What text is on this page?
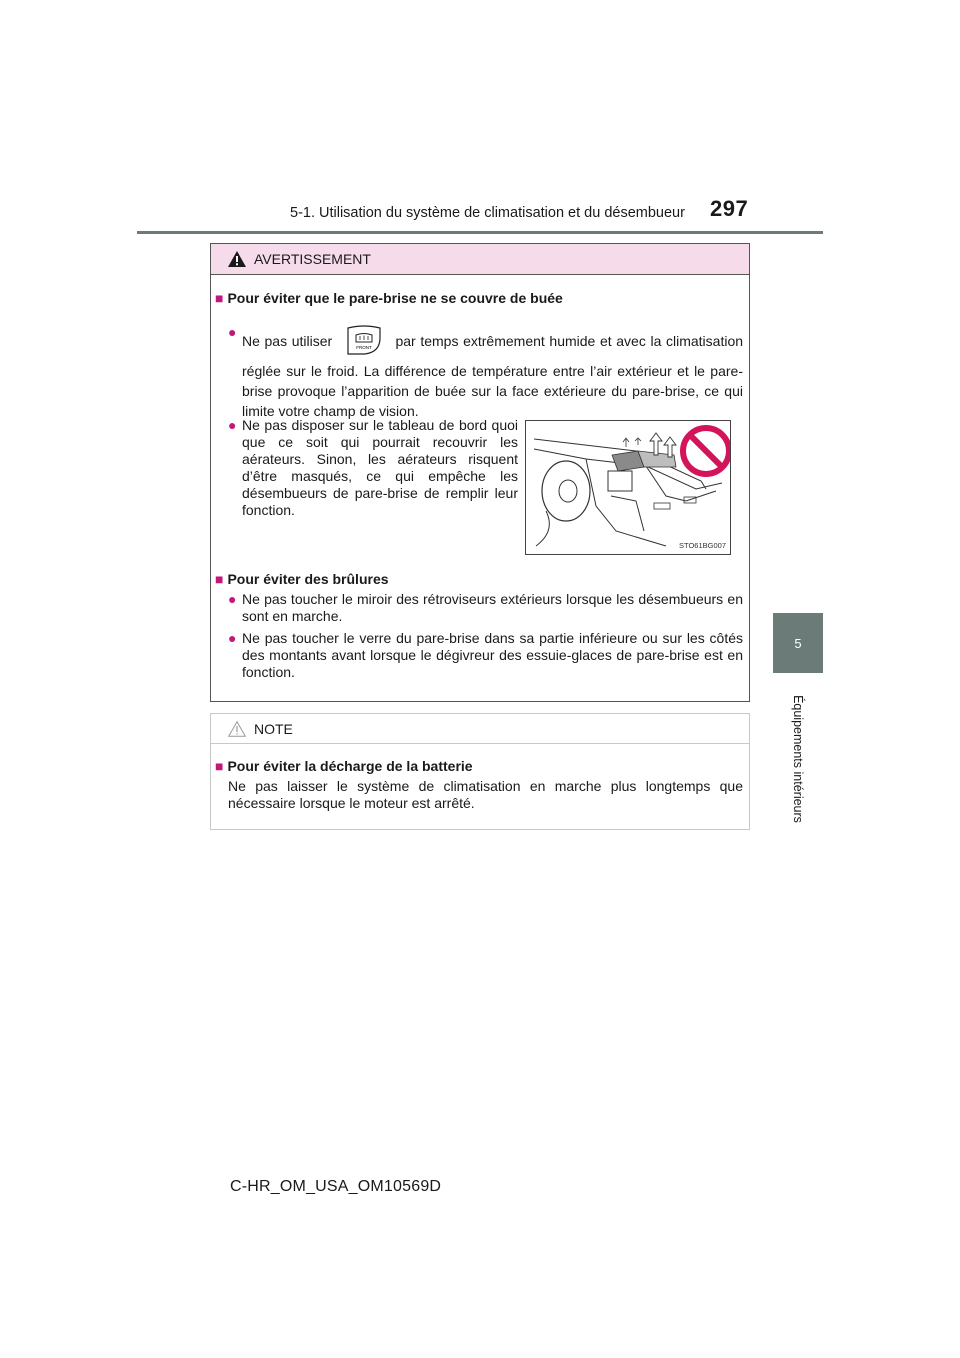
5-1. Utilisation du système de climatisation et du désembueur 297
5
Équipements intérieurs
AVERTISSEMENT
■ Pour éviter que le pare-brise ne se couvre de buée
●
Ne pas utiliser	FRONT par temps extrêmement humide et avec la climatisation réglée sur le froid. La différence de température entre l’air extérieur et le pare-brise provoque l’apparition de buée sur la face extérieure du pare-brise, ce qui limite votre champ de vision.
● Ne pas disposer sur le tableau de bord quoi que ce soit qui pourrait recouvrir les aérateurs. Sinon, les aérateurs risquent d’être masqués, ce qui empêche les désembueurs de pare-brise de remplir leur fonction.
STO61BG007
■ Pour éviter des brûlures
● Ne pas toucher le miroir des rétroviseurs extérieurs lorsque les désembueurs en sont en marche.
● Ne pas toucher le verre du pare-brise dans sa partie inférieure ou sur les côtés des montants avant lorsque le dégivreur des essuie-glaces de pare-brise est en fonction.
NOTE
■ Pour éviter la décharge de la batterie
Ne pas laisser le système de climatisation en marche plus longtemps que nécessaire lorsque le moteur est arrêté.
C-HR_OM_USA_OM10569D
